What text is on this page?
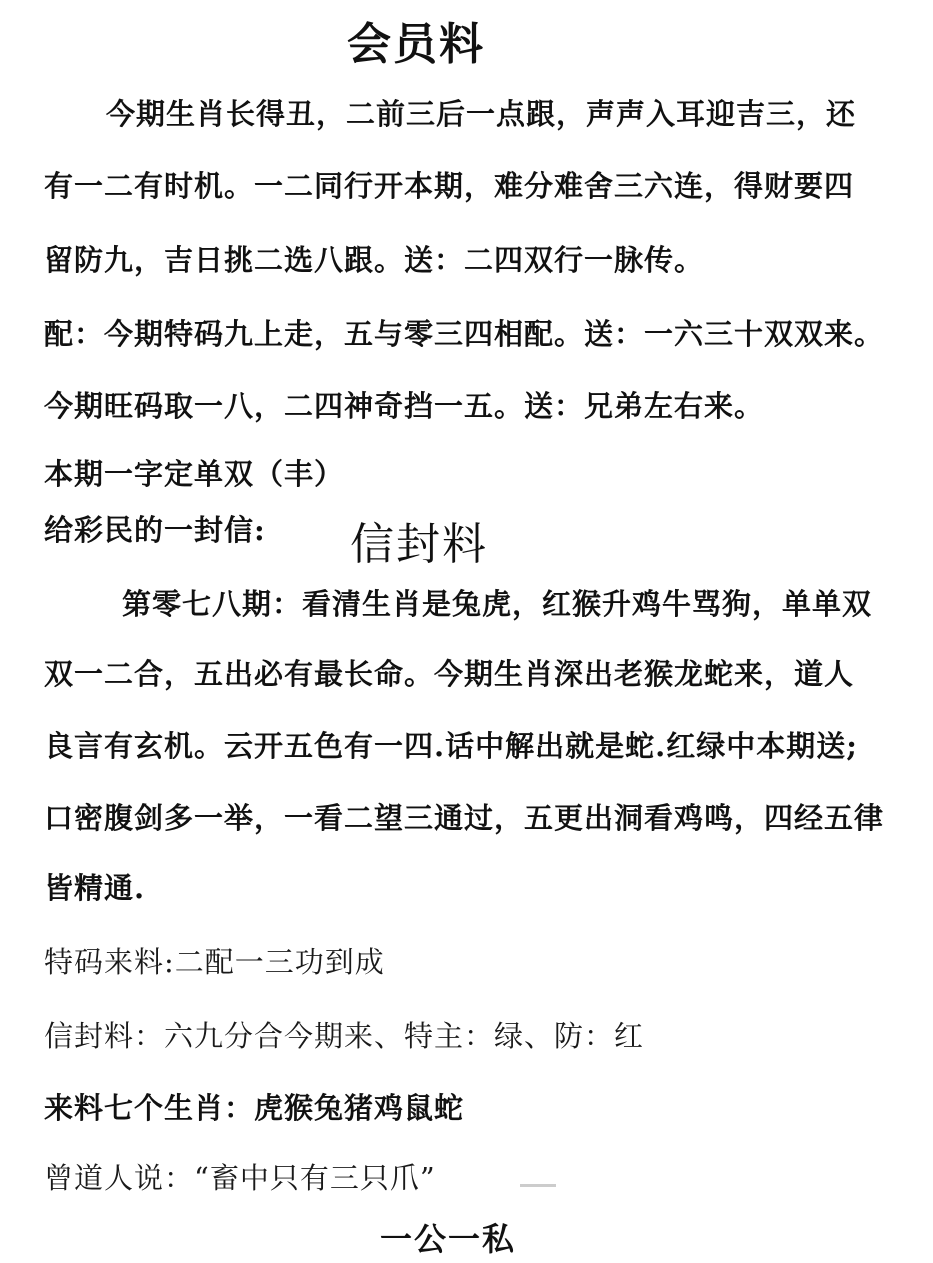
会员料
今期生肖长得丑，二前三后一点跟，声声入耳迎吉三，还
有一二有时机。一二同行开本期，难分难舍三六连，得财要四
留防九，吉日挑二选八跟。送：二四双行一脉传。
配：今期特码九上走，五与零三四相配。送：一六三十双双来。
今期旺码取一八，二四神奇挡一五。送：兄弟左右来。
本期一字定单双（丰）
给彩民的一封信: 信封料
第零七八期：看清生肖是兔虎，红猴升鸡牛骂狗，单单双
双一二合，五出必有最长命。今期生肖深出老猴龙蛇来，道人
良言有玄机。云开五色有一四.话中解出就是蛇.红绿中本期送;
口密腹剑多一举，一看二望三通过，五更出洞看鸡鸣，四经五律
皆精通.
特码来料:二配一三功到成
信封料：六九分合今期来、特主：绿、防：红
来料七个生肖：虎猴兔猪鸡鼠蛇
曾道人说：“畜中只有三只爪”
一公一私
